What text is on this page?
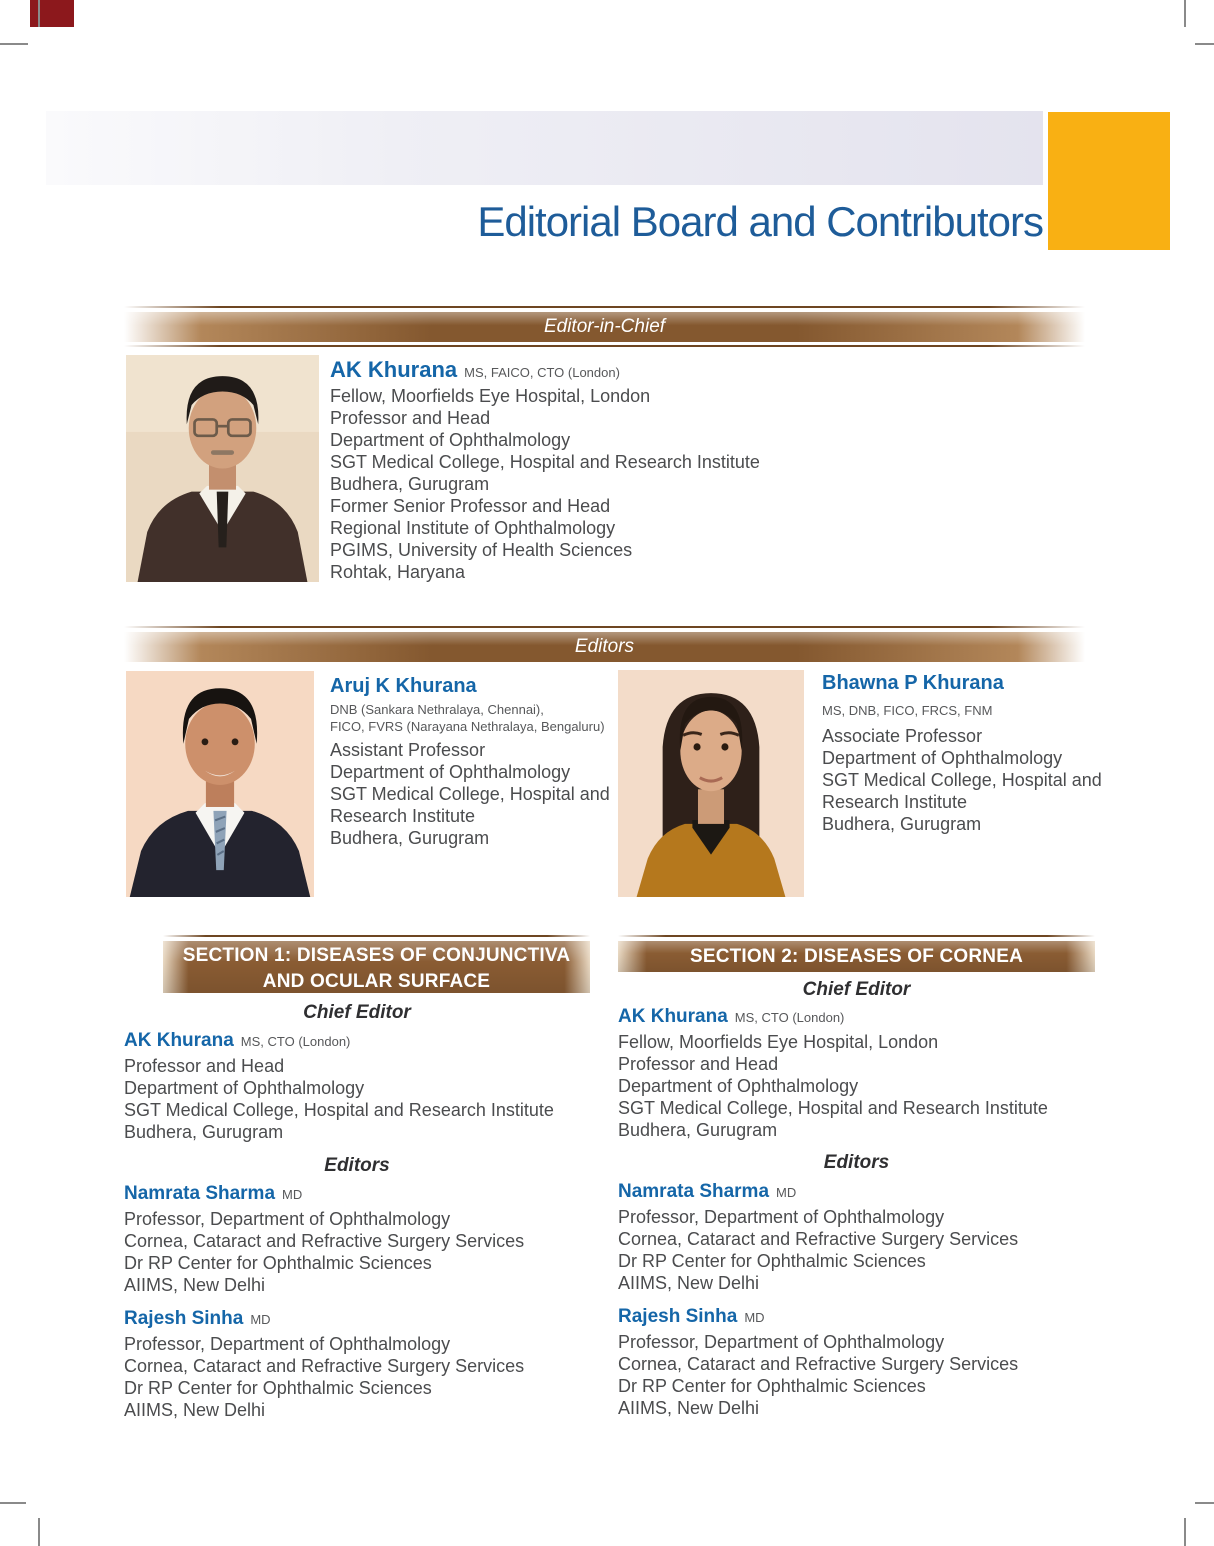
Editorial Board and Contributors
Editor-in-Chief
AK Khurana MS, FAICO, CTO (London)
Fellow, Moorfields Eye Hospital, London
Professor and Head
Department of Ophthalmology
SGT Medical College, Hospital and Research Institute
Budhera, Gurugram
Former Senior Professor and Head
Regional Institute of Ophthalmology
PGIMS, University of Health Sciences
Rohtak, Haryana
Editors
Aruj K Khurana
DNB (Sankara Nethralaya, Chennai),
FICO, FVRS (Narayana Nethralaya, Bengaluru)
Assistant Professor
Department of Ophthalmology
SGT Medical College, Hospital and
Research Institute
Budhera, Gurugram
Bhawna P Khurana
MS, DNB, FICO, FRCS, FNM
Associate Professor
Department of Ophthalmology
SGT Medical College, Hospital and
Research Institute
Budhera, Gurugram
SECTION 1: DISEASES OF CONJUNCTIVA
AND OCULAR SURFACE
SECTION 2: DISEASES OF CORNEA
Chief Editor
AK Khurana MS, CTO (London)
Professor and Head
Department of Ophthalmology
SGT Medical College, Hospital and Research Institute
Budhera, Gurugram
Chief Editor
AK Khurana MS, CTO (London)
Fellow, Moorfields Eye Hospital, London
Professor and Head
Department of Ophthalmology
SGT Medical College, Hospital and Research Institute
Budhera, Gurugram
Editors
Namrata Sharma MD
Professor, Department of Ophthalmology
Cornea, Cataract and Refractive Surgery Services
Dr RP Center for Ophthalmic Sciences
AIIMS, New Delhi
Rajesh Sinha MD
Professor, Department of Ophthalmology
Cornea, Cataract and Refractive Surgery Services
Dr RP Center for Ophthalmic Sciences
AIIMS, New Delhi
Editors
Namrata Sharma MD
Professor, Department of Ophthalmology
Cornea, Cataract and Refractive Surgery Services
Dr RP Center for Ophthalmic Sciences
AIIMS, New Delhi
Rajesh Sinha MD
Professor, Department of Ophthalmology
Cornea, Cataract and Refractive Surgery Services
Dr RP Center for Ophthalmic Sciences
AIIMS, New Delhi
